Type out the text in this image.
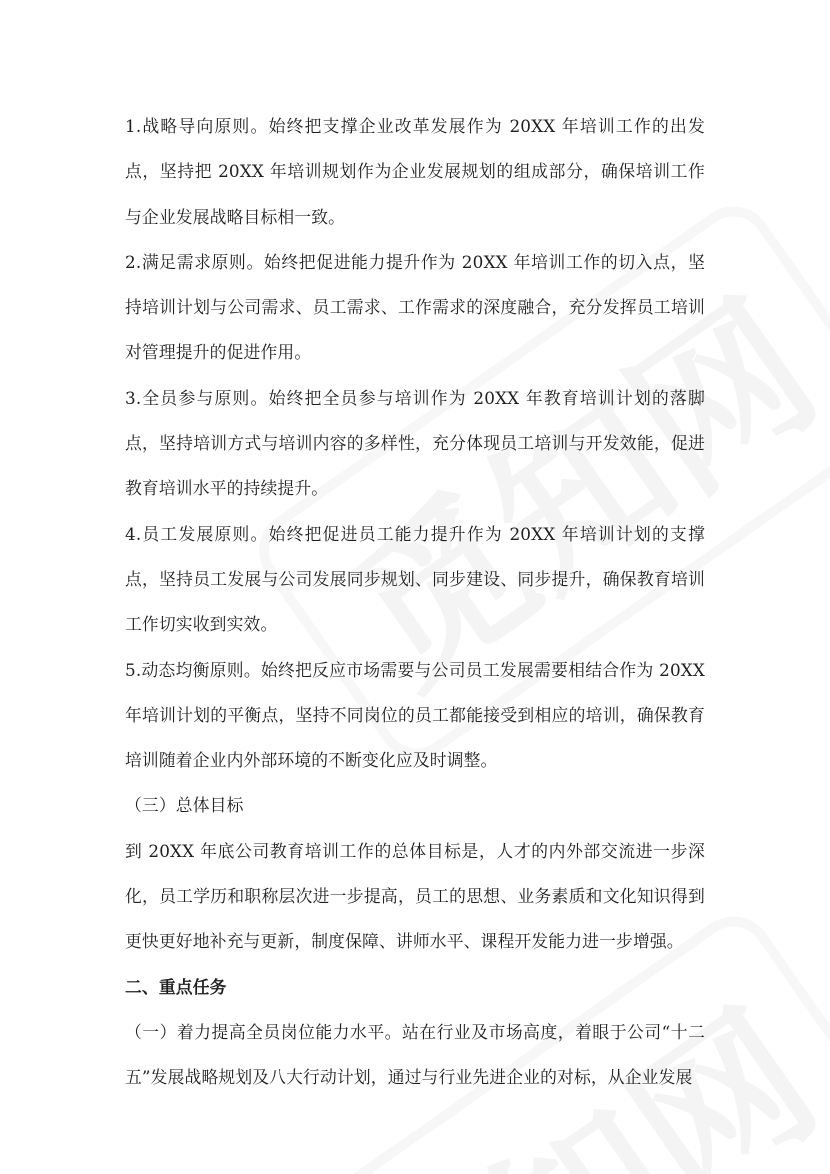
1.战略导向原则。始终把支撑企业改革发展作为 20XX 年培训工作的出发点，坚持把 20XX 年培训规划作为企业发展规划的组成部分，确保培训工作与企业发展战略目标相一致。

2.满足需求原则。始终把促进能力提升作为 20XX 年培训工作的切入点，坚持培训计划与公司需求、员工需求、工作需求的深度融合，充分发挥员工培训对管理提升的促进作用。

3.全员参与原则。始终把全员参与培训作为 20XX 年教育培训计划的落脚点，坚持培训方式与培训内容的多样性，充分体现员工培训与开发效能，促进教育培训水平的持续提升。

4.员工发展原则。始终把促进员工能力提升作为 20XX 年培训计划的支撑点，坚持员工发展与公司发展同步规划、同步建设、同步提升，确保教育培训工作切实收到实效。

5.动态均衡原则。始终把反应市场需要与公司员工发展需要相结合作为 20XX 年培训计划的平衡点，坚持不同岗位的员工都能接受到相应的培训，确保教育培训随着企业内外部环境的不断变化应及时调整。

（三）总体目标

到 20XX 年底公司教育培训工作的总体目标是，人才的内外部交流进一步深化，员工学历和职称层次进一步提高，员工的思想、业务素质和文化知识得到更快更好地补充与更新，制度保障、讲师水平、课程开发能力进一步增强。

二、重点任务

（一）着力提高全员岗位能力水平。站在行业及市场高度，着眼于公司“十二五”发展战略规划及八大行动计划，通过与行业先进企业的对标，从企业发展
